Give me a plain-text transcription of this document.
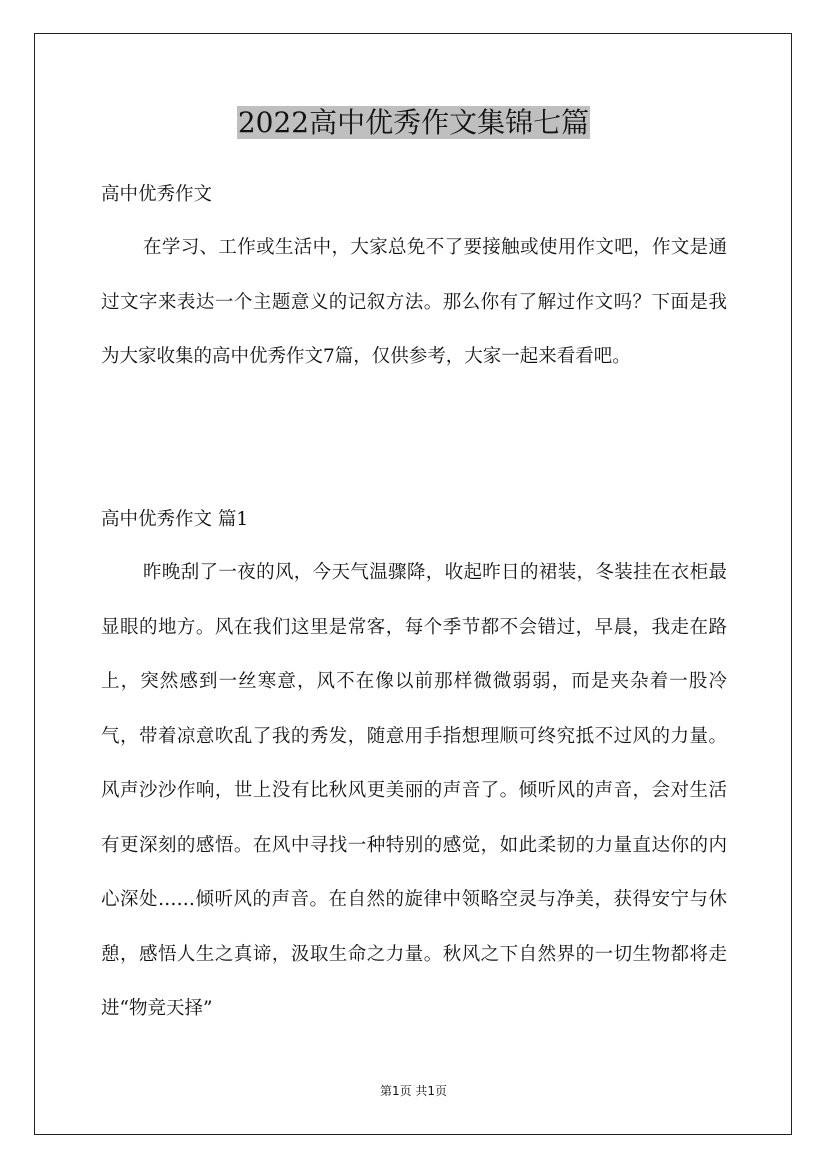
2022高中优秀作文集锦七篇
高中优秀作文

在学习、工作或生活中，大家总免不了要接触或使用作文吧，作文是通过文字来表达一个主题意义的记叙方法。那么你有了解过作文吗？下面是我为大家收集的高中优秀作文7篇，仅供参考，大家一起来看看吧。

高中优秀作文 篇1

昨晚刮了一夜的风，今天气温骤降，收起昨日的裙装，冬装挂在衣柜最显眼的地方。风在我们这里是常客，每个季节都不会错过，早晨，我走在路上，突然感到一丝寒意，风不在像以前那样微微弱弱，而是夹杂着一股冷气，带着凉意吹乱了我的秀发，随意用手指想理顺可终究抵不过风的力量。风声沙沙作响，世上没有比秋风更美丽的声音了。倾听风的声音，会对生活有更深刻的感悟。在风中寻找一种特别的感觉，如此柔韧的力量直达你的内心深处……倾听风的声音。在自然的旋律中领略空灵与净美，获得安宁与休憩，感悟人生之真谛，汲取生命之力量。秋风之下自然界的一切生物都将走进“物竞天择”

第1页 共1页
